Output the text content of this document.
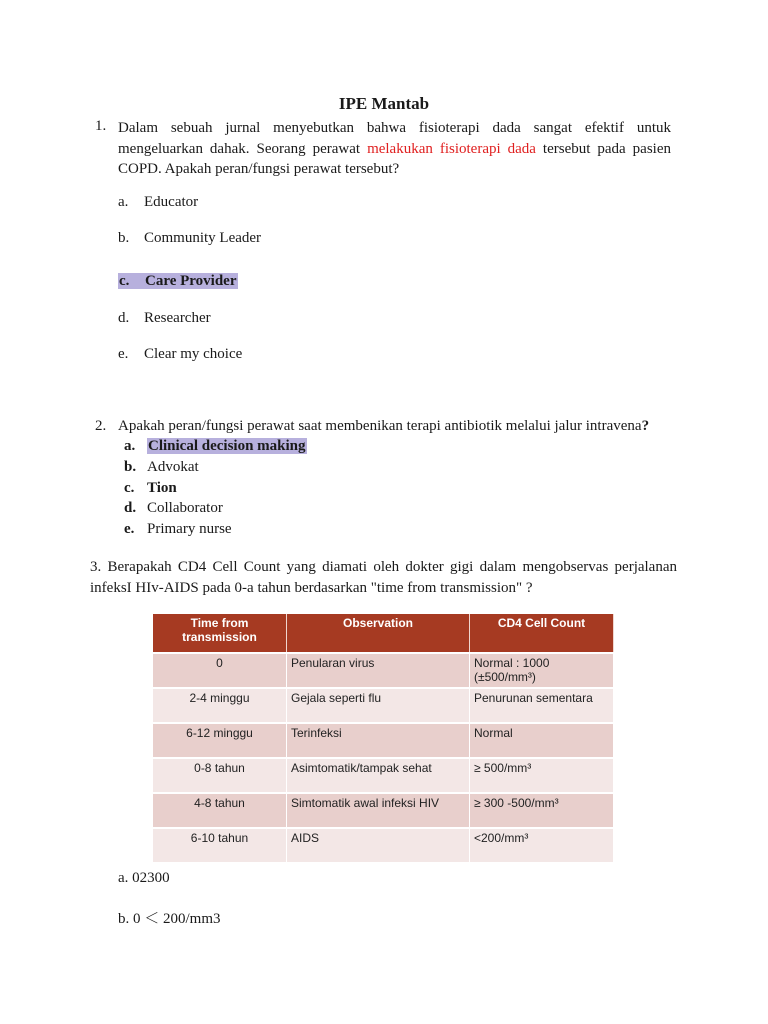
IPE Mantab
1. Dalam sebuah jurnal menyebutkan bahwa fisioterapi dada sangat efektif untuk mengeluarkan dahak. Seorang perawat melakukan fisioterapi dada tersebut pada pasien COPD. Apakah peran/fungsi perawat tersebut?
a. Educator
b. Community Leader
c. Care Provider
d. Researcher
e. Clear my choice
2. Apakah peran/fungsi perawat saat membenikan terapi antibiotik melalui jalur intravena?
a. Clinical decision making
b. Advokat
c. Tion
d. Collaborator
e. Primary nurse
3. Berapakah CD4 Cell Count yang diamati oleh dokter gigi dalam mengobservas perjalanan infeksI HIv-AIDS pada 0-a tahun berdasarkan "time from transmission" ?
Time from transmission	Observation	CD4 Cell Count
0	Penularan virus	Normal : 1000 (±500/mm³)
2-4 minggu	Gejala seperti flu	Penurunan sementara
6-12 minggu	Terinfeksi	Normal
0-8 tahun	Asimtomatik/tampak sehat	≥ 500/mm³
4-8 tahun	Simtomatik awal infeksi HIV	≥ 300 -500/mm³
6-10 tahun	AIDS	<200/mm³
a. 02300
b. 0 ＜ 200/mm3
